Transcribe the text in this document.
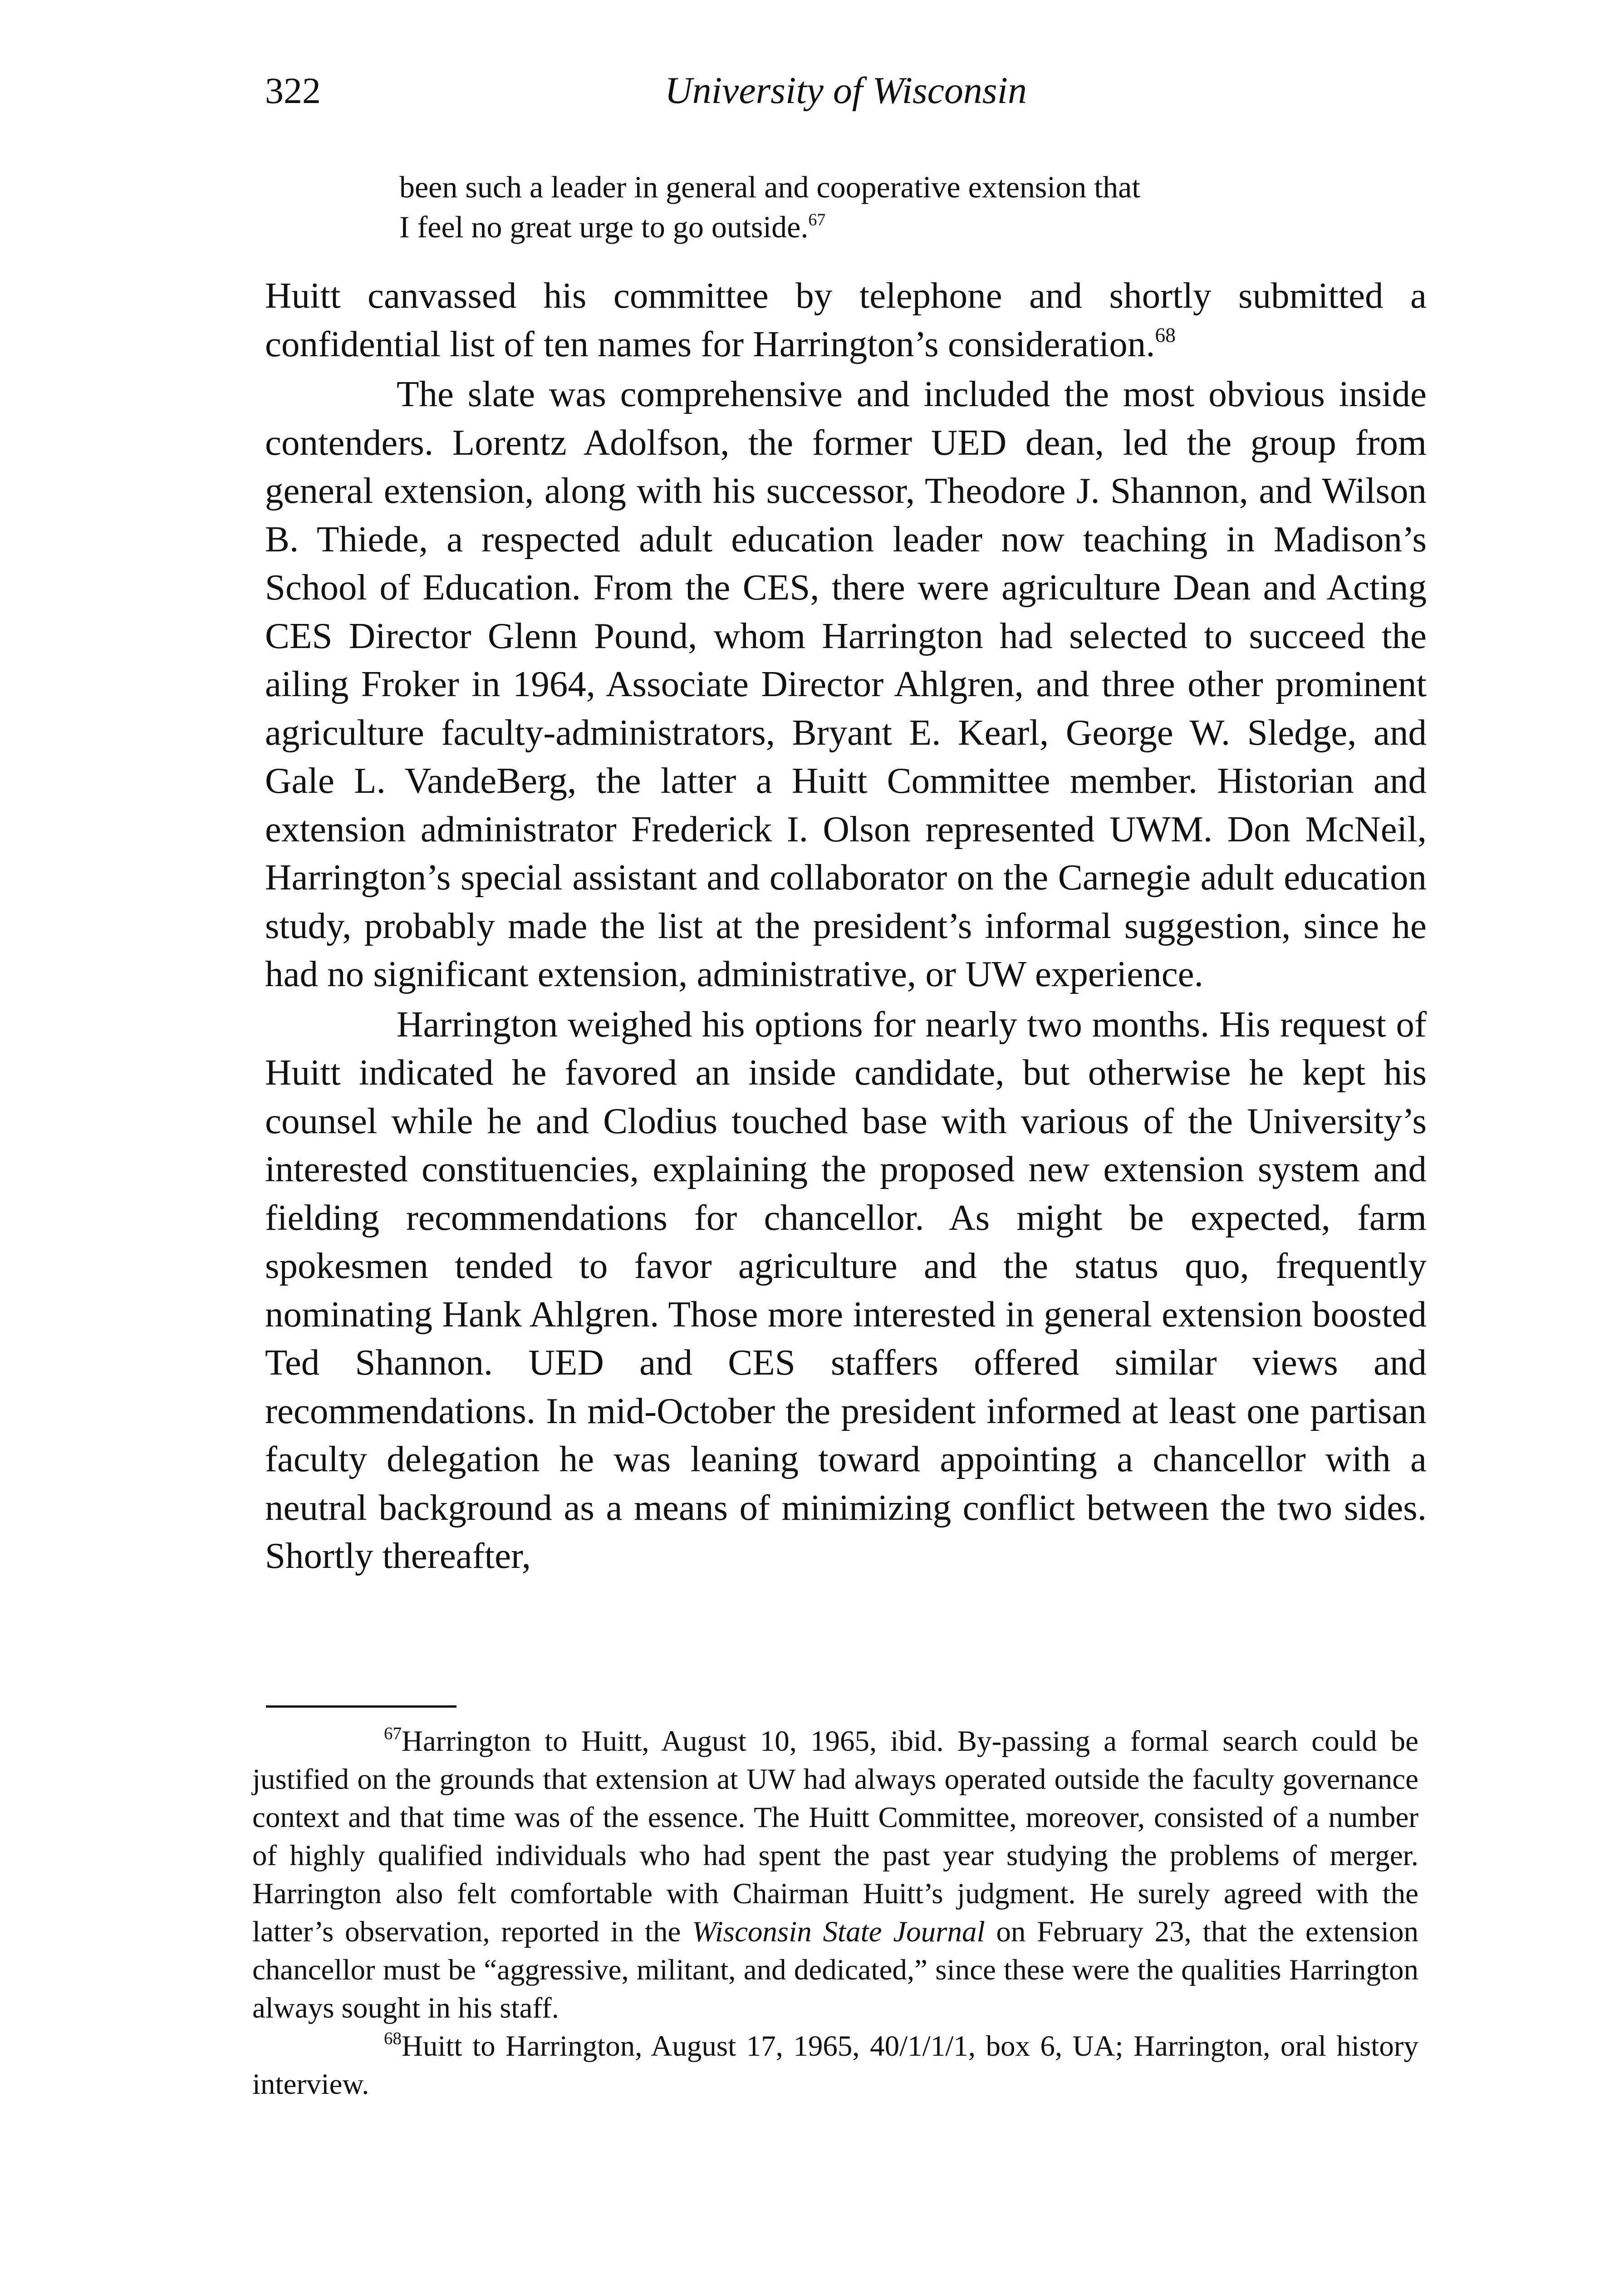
322	University of Wisconsin

been such a leader in general and cooperative extension that
I feel no great urge to go outside.$^{67}$

Huitt canvassed his committee by telephone and shortly submitted a confidential list of ten names for Harrington’s consideration.$^{68}$

The slate was comprehensive and included the most obvious inside contenders. Lorentz Adolfson, the former UED dean, led the group from general extension, along with his successor, Theodore J. Shannon, and Wilson B. Thiede, a respected adult education leader now teaching in Madison’s School of Education. From the CES, there were agriculture Dean and Acting CES Director Glenn Pound, whom Harrington had selected to succeed the ailing Froker in 1964, Associate Director Ahlgren, and three other prominent agriculture faculty-administrators, Bryant E. Kearl, George W. Sledge, and Gale L. VandeBerg, the latter a Huitt Committee member. Historian and extension administrator Frederick I. Olson represented UWM. Don McNeil, Harrington’s special assistant and collaborator on the Carnegie adult education study, probably made the list at the president’s informal suggestion, since he had no significant extension, administrative, or UW experience.

Harrington weighed his options for nearly two months. His request of Huitt indicated he favored an inside candidate, but otherwise he kept his counsel while he and Clodius touched base with various of the University’s interested constituencies, explaining the proposed new extension system and fielding recommendations for chancellor. As might be expected, farm spokesmen tended to favor agriculture and the status quo, frequently nominating Hank Ahlgren. Those more interested in general extension boosted Ted Shannon. UED and CES staffers offered similar views and recommendations. In mid-October the president informed at least one partisan faculty delegation he was leaning toward appointing a chancellor with a neutral background as a means of minimizing conflict between the two sides. Shortly thereafter,

$^{67}$Harrington to Huitt, August 10, 1965, ibid. By-passing a formal search could be justified on the grounds that extension at UW had always operated outside the faculty governance context and that time was of the essence. The Huitt Committee, moreover, consisted of a number of highly qualified individuals who had spent the past year studying the problems of merger. Harrington also felt comfortable with Chairman Huitt’s judgment. He surely agreed with the latter’s observation, reported in the Wisconsin State Journal on February 23, that the extension chancellor must be “aggressive, militant, and dedicated,” since these were the qualities Harrington always sought in his staff.

$^{68}$Huitt to Harrington, August 17, 1965, 40/1/1/1, box 6, UA; Harrington, oral history interview.
